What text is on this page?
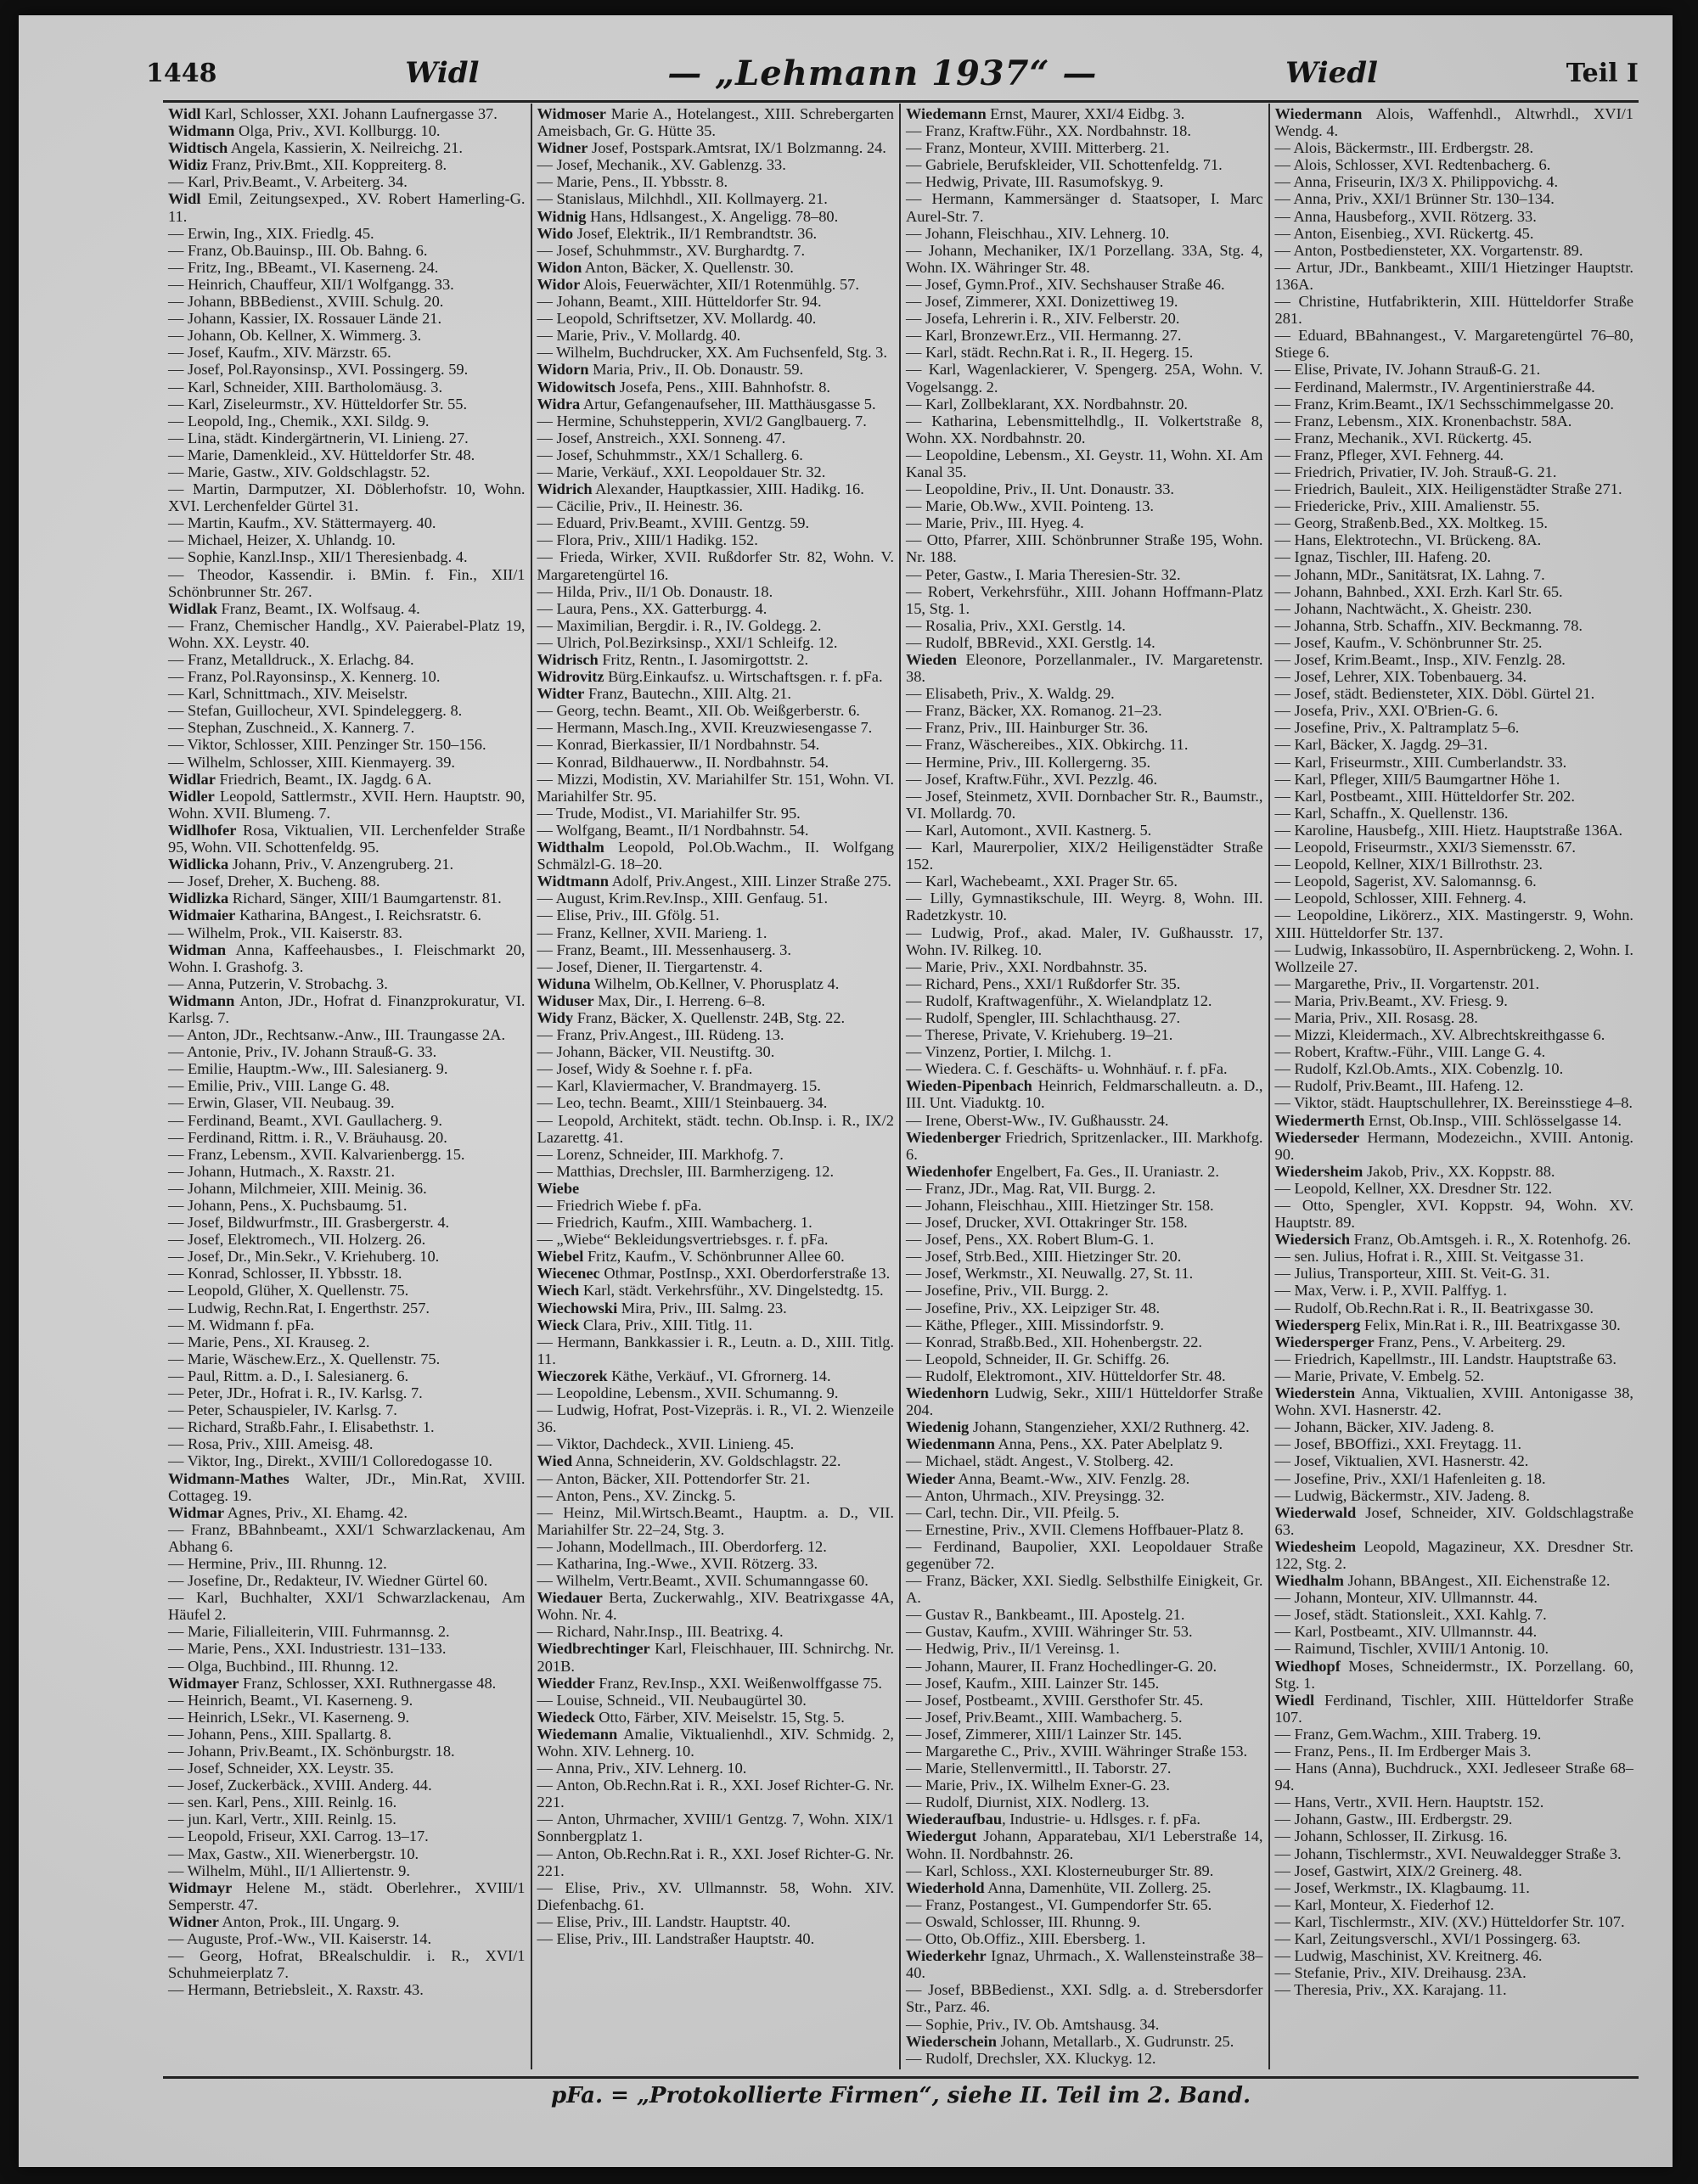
1448	Widl	— „Lehmann 1937“ —	Wiedl	Teil I
Widl Karl, Schlosser, XXI. Johann Laufnergasse 37.
Widmann Olga, Priv., XVI. Kollburgg. 10.
Widtisch Angela, Kassierin, X. Neilreichg. 21.
Widiz Franz, Priv.Bmt., XII. Koppreiterg. 8.
— Karl, Priv.Beamt., V. Arbeiterg. 34.
Widl Emil, Zeitungsexped., XV. Robert Hamerling-G. 11.
— Erwin, Ing., XIX. Friedlg. 45.
— Franz, Ob.Bauinsp., III. Ob. Bahng. 6.
— Fritz, Ing., BBeamt., VI. Kaserneng. 24.
— Heinrich, Chauffeur, XII/1 Wolfgangg. 33.
— Johann, BBBedienst., XVIII. Schulg. 20.
— Johann, Kassier, IX. Rossauer Lände 21.
— Johann, Ob. Kellner, X. Wimmerg. 3.
— Josef, Kaufm., XIV. Märzstr. 65.
— Josef, Pol.Rayonsinsp., XVI. Possingerg. 59.
— Karl, Schneider, XIII. Bartholomäusg. 3.
— Karl, Ziseleurmstr., XV. Hütteldorfer Str. 55.
— Leopold, Ing., Chemik., XXI. Sildg. 9.
— Lina, städt. Kindergärtnerin, VI. Linieng. 27.
— Marie, Damenkleid., XV. Hütteldorfer Str. 48.
— Marie, Gastw., XIV. Goldschlagstr. 52.
— Martin, Darmputzer, XI. Döblerhofstr. 10, Wohn. XVI. Lerchenfelder Gürtel 31.
— Martin, Kaufm., XV. Stättermayerg. 40.
— Michael, Heizer, X. Uhlandg. 10.
— Sophie, Kanzl.Insp., XII/1 Theresienbadg. 4.
— Theodor, Kassendir. i. BMin. f. Fin., XII/1 Schönbrunner Str. 267.
Widlak Franz, Beamt., IX. Wolfsaug. 4.
— Franz, Chemischer Handlg., XV. Paierabel-Platz 19, Wohn. XX. Leystr. 40.
— Franz, Metalldruck., X. Erlachg. 84.
— Franz, Pol.Rayonsinsp., X. Kennerg. 10.
— Karl, Schnittmach., XIV. Meiselstr.
— Stefan, Guillocheur, XVI. Spindeleggerg. 8.
— Stephan, Zuschneid., X. Kannerg. 7.
— Viktor, Schlosser, XIII. Penzinger Str. 150–156.
— Wilhelm, Schlosser, XIII. Kienmayerg. 39.
Widlar Friedrich, Beamt., IX. Jagdg. 6 A.
Widler Leopold, Sattlermstr., XVII. Hern. Hauptstr. 90, Wohn. XVII. Blumeng. 7.
Widlhofer Rosa, Viktualien, VII. Lerchenfelder Straße 95, Wohn. VII. Schottenfeldg. 95.
Widlicka Johann, Priv., V. Anzengruberg. 21.
— Josef, Dreher, X. Bucheng. 88.
Widlizka Richard, Sänger, XIII/1 Baumgartenstr. 81.
Widmaier Katharina, BAngest., I. Reichsratstr. 6.
— Wilhelm, Prok., VII. Kaiserstr. 83.
Widman Anna, Kaffeehausbes., I. Fleischmarkt 20, Wohn. I. Grashofg. 3.
— Anna, Putzerin, V. Strobachg. 3.
Widmann Anton, JDr., Hofrat d. Finanzprokuratur, VI. Karlsg. 7.
— Anton, JDr., Rechtsanw.-Anw., III. Traungasse 2A.
— Antonie, Priv., IV. Johann Strauß-G. 33.
— Emilie, Hauptm.-Ww., III. Salesianerg. 9.
— Emilie, Priv., VIII. Lange G. 48.
— Erwin, Glaser, VII. Neubaug. 39.
— Ferdinand, Beamt., XVI. Gaullacherg. 9.
— Ferdinand, Rittm. i. R., V. Bräuhausg. 20.
— Franz, Lebensm., XVII. Kalvarienbergg. 15.
— Johann, Hutmach., X. Raxstr. 21.
— Johann, Milchmeier, XIII. Meinig. 36.
— Johann, Pens., X. Puchsbaumg. 51.
— Josef, Bildwurfmstr., III. Grasbergerstr. 4.
— Josef, Elektromech., VII. Holzerg. 26.
— Josef, Dr., Min.Sekr., V. Kriehuberg. 10.
— Konrad, Schlosser, II. Ybbsstr. 18.
— Leopold, Glüher, X. Quellenstr. 75.
— Ludwig, Rechn.Rat, I. Engerthstr. 257.
— M. Widmann f. pFa.
— Marie, Pens., XI. Krauseg. 2.
— Marie, Wäschew.Erz., X. Quellenstr. 75.
— Paul, Rittm. a. D., I. Salesianerg. 6.
— Peter, JDr., Hofrat i. R., IV. Karlsg. 7.
— Peter, Schauspieler, IV. Karlsg. 7.
— Richard, Straßb.Fahr., I. Elisabethstr. 1.
— Rosa, Priv., XIII. Ameisg. 48.
— Viktor, Ing., Direkt., XVIII/1 Colloredogasse 10.
Widmann-Mathes Walter, JDr., Min.Rat, XVIII. Cottageg. 19.
Widmar Agnes, Priv., XI. Ehamg. 42.
— Franz, BBahnbeamt., XXI/1 Schwarzlackenau, Am Abhang 6.
— Hermine, Priv., III. Rhunng. 12.
— Josefine, Dr., Redakteur, IV. Wiedner Gürtel 60.
— Karl, Buchhalter, XXI/1 Schwarzlackenau, Am Häufel 2.
— Marie, Filialleiterin, VIII. Fuhrmannsg. 2.
— Marie, Pens., XXI. Industriestr. 131–133.
— Olga, Buchbind., III. Rhunng. 12.
Widmayer Franz, Schlosser, XXI. Ruthnergasse 48.
— Heinrich, Beamt., VI. Kaserneng. 9.
— Heinrich, LSekr., VI. Kaserneng. 9.
— Johann, Pens., XIII. Spallartg. 8.
— Johann, Priv.Beamt., IX. Schönburgstr. 18.
— Josef, Schneider, XX. Leystr. 35.
— Josef, Zuckerbäck., XVIII. Anderg. 44.
— sen. Karl, Pens., XIII. Reinlg. 16.
— jun. Karl, Vertr., XIII. Reinlg. 15.
— Leopold, Friseur, XXI. Carrog. 13–17.
— Max, Gastw., XII. Wienerbergstr. 10.
— Wilhelm, Mühl., II/1 Alliertenstr. 9.
Widmayr Helene M., städt. Oberlehrer., XVIII/1 Semperstr. 47.
Widner Anton, Prok., III. Ungarg. 9.
— Auguste, Prof.-Ww., VII. Kaiserstr. 14.
— Georg, Hofrat, BRealschuldir. i. R., XVI/1 Schuhmeierplatz 7.
— Hermann, Betriebsleit., X. Raxstr. 43.
Widmoser Marie A., Hotelangest., XIII. Schrebergarten Ameisbach, Gr. G. Hütte 35.
Widner Josef, Postspark.Amtsrat, IX/1 Bolzmanng. 24.
— Josef, Mechanik., XV. Gablenzg. 33.
— Marie, Pens., II. Ybbsstr. 8.
— Stanislaus, Milchhdl., XII. Kollmayerg. 21.
Widnig Hans, Hdlsangest., X. Angeligg. 78–80.
Wido Josef, Elektrik., II/1 Rembrandtstr. 36.
— Josef, Schuhmmstr., XV. Burghardtg. 7.
Widon Anton, Bäcker, X. Quellenstr. 30.
Widor Alois, Feuerwächter, XII/1 Rotenmühlg. 57.
— Johann, Beamt., XIII. Hütteldorfer Str. 94.
— Leopold, Schriftsetzer, XV. Mollardg. 40.
— Marie, Priv., V. Mollardg. 40.
— Wilhelm, Buchdrucker, XX. Am Fuchsenfeld, Stg. 3.
Widorn Maria, Priv., II. Ob. Donaustr. 59.
Widowitsch Josefa, Pens., XIII. Bahnhofstr. 8.
Widra Artur, Gefangenaufseher, III. Matthäusgasse 5.
— Hermine, Schuhstepperin, XVI/2 Ganglbauerg. 7.
— Josef, Anstreich., XXI. Sonneng. 47.
— Josef, Schuhmmstr., XX/1 Schallerg. 6.
— Marie, Verkäuf., XXI. Leopoldauer Str. 32.
Widrich Alexander, Hauptkassier, XIII. Hadikg. 16.
— Cäcilie, Priv., II. Heinestr. 36.
— Eduard, Priv.Beamt., XVIII. Gentzg. 59.
— Flora, Priv., XIII/1 Hadikg. 152.
— Frieda, Wirker, XVII. Rußdorfer Str. 82, Wohn. V. Margaretengürtel 16.
— Hilda, Priv., II/1 Ob. Donaustr. 18.
— Laura, Pens., XX. Gatterburgg. 4.
— Maximilian, Bergdir. i. R., IV. Goldegg. 2.
— Ulrich, Pol.Bezirksinsp., XXI/1 Schleifg. 12.
Widrisch Fritz, Rentn., I. Jasomirgottstr. 2.
Widrovitz Bürg.Einkaufsz. u. Wirtschaftsgen. r. f. pFa.
Widter Franz, Bautechn., XIII. Altg. 21.
— Georg, techn. Beamt., XII. Ob. Weißgerberstr. 6.
— Hermann, Masch.Ing., XVII. Kreuzwiesengasse 7.
— Konrad, Bierkassier, II/1 Nordbahnstr. 54.
— Konrad, Bildhauerww., II. Nordbahnstr. 54.
— Mizzi, Modistin, XV. Mariahilfer Str. 151, Wohn. VI. Mariahilfer Str. 95.
— Trude, Modist., VI. Mariahilfer Str. 95.
— Wolfgang, Beamt., II/1 Nordbahnstr. 54.
Widthalm Leopold, Pol.Ob.Wachm., II. Wolfgang Schmälzl-G. 18–20.
Widtmann Adolf, Priv.Angest., XIII. Linzer Straße 275.
— August, Krim.Rev.Insp., XIII. Genfaug. 51.
— Elise, Priv., III. Gfölg. 51.
— Franz, Kellner, XVII. Marieng. 1.
— Franz, Beamt., III. Messenhauserg. 3.
— Josef, Diener, II. Tiergartenstr. 4.
Widuna Wilhelm, Ob.Kellner, V. Phorusplatz 4.
Widuser Max, Dir., I. Herreng. 6–8.
Widy Franz, Bäcker, X. Quellenstr. 24B, Stg. 22.
— Franz, Priv.Angest., III. Rüdeng. 13.
— Johann, Bäcker, VII. Neustiftg. 30.
— Josef, Widy & Soehne r. f. pFa.
— Karl, Klaviermacher, V. Brandmayerg. 15.
— Leo, techn. Beamt., XIII/1 Steinbauerg. 34.
— Leopold, Architekt, städt. techn. Ob.Insp. i. R., IX/2 Lazarettg. 41.
— Lorenz, Schneider, III. Markhofg. 7.
— Matthias, Drechsler, III. Barmherzigeng. 12.
Wiebe
— Friedrich Wiebe f. pFa.
— Friedrich, Kaufm., XIII. Wambacherg. 1.
— „Wiebe“ Bekleidungsvertriebsges. r. f. pFa.
Wiebel Fritz, Kaufm., V. Schönbrunner Allee 60.
Wiecenec Othmar, PostInsp., XXI. Oberdorferstraße 13.
Wiech Karl, städt. Verkehrsführ., XV. Dingelstedtg. 15.
Wiechowski Mira, Priv., III. Salmg. 23.
Wieck Clara, Priv., XIII. Titlg. 11.
— Hermann, Bankkassier i. R., Leutn. a. D., XIII. Titlg. 11.
Wieczorek Käthe, Verkäuf., VI. Gfrornerg. 14.
— Leopoldine, Lebensm., XVII. Schumanng. 9.
— Ludwig, Hofrat, Post-Vizepräs. i. R., VI. 2. Wienzeile 36.
— Viktor, Dachdeck., XVII. Linieng. 45.
Wied Anna, Schneiderin, XV. Goldschlagstr. 22.
— Anton, Bäcker, XII. Pottendorfer Str. 21.
— Anton, Pens., XV. Zinckg. 5.
— Heinz, Mil.Wirtsch.Beamt., Hauptm. a. D., VII. Mariahilfer Str. 22–24, Stg. 3.
— Johann, Modellmach., III. Oberdorferg. 12.
— Katharina, Ing.-Wwe., XVII. Rötzerg. 33.
— Wilhelm, Vertr.Beamt., XVII. Schumanngasse 60.
Wiedauer Berta, Zuckerwahlg., XIV. Beatrixgasse 4A, Wohn. Nr. 4.
— Richard, Nahr.Insp., III. Beatrixg. 4.
Wiedbrechtinger Karl, Fleischhauer, III. Schnirchg. Nr. 201B.
Wiedder Franz, Rev.Insp., XXI. Weißenwolffgasse 75.
— Louise, Schneid., VII. Neubaugürtel 30.
Wiedeck Otto, Färber, XIV. Meiselstr. 15, Stg. 5.
Wiedemann Amalie, Viktualienhdl., XIV. Schmidg. 2, Wohn. XIV. Lehnerg. 10.
— Anna, Priv., XIV. Lehnerg. 10.
— Anton, Ob.Rechn.Rat i. R., XXI. Josef Richter-G. Nr. 221.
— Anton, Uhrmacher, XVIII/1 Gentzg. 7, Wohn. XIX/1 Sonnbergplatz 1.
— Anton, Ob.Rechn.Rat i. R., XXI. Josef Richter-G. Nr. 221.
— Elise, Priv., XV. Ullmannstr. 58, Wohn. XIV. Diefenbachg. 61.
— Elise, Priv., III. Landstr. Hauptstr. 40.
— Elise, Priv., III. Landstraßer Hauptstr. 40.
Wiedemann Ernst, Maurer, XXI/4 Eidbg. 3.
— Franz, Kraftw.Führ., XX. Nordbahnstr. 18.
— Franz, Monteur, XVIII. Mitterberg. 21.
— Gabriele, Berufskleider, VII. Schottenfeldg. 71.
— Hedwig, Private, III. Rasumofskyg. 9.
— Hermann, Kammersänger d. Staatsoper, I. Marc Aurel-Str. 7.
— Johann, Fleischhau., XIV. Lehnerg. 10.
— Johann, Mechaniker, IX/1 Porzellang. 33A, Stg. 4, Wohn. IX. Währinger Str. 48.
— Josef, Gymn.Prof., XIV. Sechshauser Straße 46.
— Josef, Zimmerer, XXI. Donizettiweg 19.
— Josefa, Lehrerin i. R., XIV. Felberstr. 20.
— Karl, Bronzewr.Erz., VII. Hermanng. 27.
— Karl, städt. Rechn.Rat i. R., II. Hegerg. 15.
— Karl, Wagenlackierer, V. Spengerg. 25A, Wohn. V. Vogelsangg. 2.
— Karl, Zollbeklarant, XX. Nordbahnstr. 20.
— Katharina, Lebensmittelhdlg., II. Volkertstraße 8, Wohn. XX. Nordbahnstr. 20.
— Leopoldine, Lebensm., XI. Geystr. 11, Wohn. XI. Am Kanal 35.
— Leopoldine, Priv., II. Unt. Donaustr. 33.
— Marie, Ob.Ww., XVII. Pointeng. 13.
— Marie, Priv., III. Hyeg. 4.
— Otto, Pfarrer, XIII. Schönbrunner Straße 195, Wohn. Nr. 188.
— Peter, Gastw., I. Maria Theresien-Str. 32.
— Robert, Verkehrsführ., XIII. Johann Hoffmann-Platz 15, Stg. 1.
— Rosalia, Priv., XXI. Gerstlg. 14.
— Rudolf, BBRevid., XXI. Gerstlg. 14.
Wieden Eleonore, Porzellanmaler., IV. Margaretenstr. 38.
— Elisabeth, Priv., X. Waldg. 29.
— Franz, Bäcker, XX. Romanog. 21–23.
— Franz, Priv., III. Hainburger Str. 36.
— Franz, Wäschereibes., XIX. Obkirchg. 11.
— Hermine, Priv., III. Kollergerng. 35.
— Josef, Kraftw.Führ., XVI. Pezzlg. 46.
— Josef, Steinmetz, XVII. Dornbacher Str. R., Baumstr., VI. Mollardg. 70.
— Karl, Automont., XVII. Kastnerg. 5.
— Karl, Maurerpolier, XIX/2 Heiligenstädter Straße 152.
— Karl, Wachebeamt., XXI. Prager Str. 65.
— Lilly, Gymnastikschule, III. Weyrg. 8, Wohn. III. Radetzkystr. 10.
— Ludwig, Prof., akad. Maler, IV. Gußhausstr. 17, Wohn. IV. Rilkeg. 10.
— Marie, Priv., XXI. Nordbahnstr. 35.
— Richard, Pens., XXI/1 Rußdorfer Str. 35.
— Rudolf, Kraftwagenführ., X. Wielandplatz 12.
— Rudolf, Spengler, III. Schlachthausg. 27.
— Therese, Private, V. Kriehuberg. 19–21.
— Vinzenz, Portier, I. Milchg. 1.
— Wiedera. C. f. Geschäfts- u. Wohnhäuf. r. f. pFa.
Wieden-Pipenbach Heinrich, Feldmarschalleutn. a. D., III. Unt. Viaduktg. 10.
— Irene, Oberst-Ww., IV. Gußhausstr. 24.
Wiedenberger Friedrich, Spritzenlacker., III. Markhofg. 6.
Wiedenhofer Engelbert, Fa. Ges., II. Uraniastr. 2.
— Franz, JDr., Mag. Rat, VII. Burgg. 2.
— Johann, Fleischhau., XIII. Hietzinger Str. 158.
— Josef, Drucker, XVI. Ottakringer Str. 158.
— Josef, Pens., XX. Robert Blum-G. 1.
— Josef, Strb.Bed., XIII. Hietzinger Str. 20.
— Josef, Werkmstr., XI. Neuwallg. 27, St. 11.
— Josefine, Priv., VII. Burgg. 2.
— Josefine, Priv., XX. Leipziger Str. 48.
— Käthe, Pfleger., XIII. Missindorfstr. 9.
— Konrad, Straßb.Bed., XII. Hohenbergstr. 22.
— Leopold, Schneider, II. Gr. Schiffg. 26.
— Rudolf, Elektromont., XIV. Hütteldorfer Str. 48.
Wiedenhorn Ludwig, Sekr., XIII/1 Hütteldorfer Straße 204.
Wiedenig Johann, Stangenzieher, XXI/2 Ruthnerg. 42.
Wiedenmann Anna, Pens., XX. Pater Abelplatz 9.
— Michael, städt. Angest., V. Stolberg. 42.
Wieder Anna, Beamt.-Ww., XIV. Fenzlg. 28.
— Anton, Uhrmach., XIV. Preysingg. 32.
— Carl, techn. Dir., VII. Pfeilg. 5.
— Ernestine, Priv., XVII. Clemens Hoffbauer-Platz 8.
— Ferdinand, Baupolier, XXI. Leopoldauer Straße gegenüber 72.
— Franz, Bäcker, XXI. Siedlg. Selbsthilfe Einigkeit, Gr. A.
— Gustav R., Bankbeamt., III. Apostelg. 21.
— Gustav, Kaufm., XVIII. Währinger Str. 53.
— Hedwig, Priv., II/1 Vereinsg. 1.
— Johann, Maurer, II. Franz Hochedlinger-G. 20.
— Josef, Kaufm., XIII. Lainzer Str. 145.
— Josef, Postbeamt., XVIII. Gersthofer Str. 45.
— Josef, Priv.Beamt., XIII. Wambacherg. 5.
— Josef, Zimmerer, XIII/1 Lainzer Str. 145.
— Margarethe C., Priv., XVIII. Währinger Straße 153.
— Marie, Stellenvermittl., II. Taborstr. 27.
— Marie, Priv., IX. Wilhelm Exner-G. 23.
— Rudolf, Diurnist, XIX. Nodlerg. 13.
Wiederaufbau, Industrie- u. Hdlsges. r. f. pFa.
Wiedergut Johann, Apparatebau, XI/1 Leberstraße 14, Wohn. II. Nordbahnstr. 26.
— Karl, Schloss., XXI. Klosterneuburger Str. 89.
Wiederhold Anna, Damenhüte, VII. Zollerg. 25.
— Franz, Postangest., VI. Gumpendorfer Str. 65.
— Oswald, Schlosser, III. Rhunng. 9.
— Otto, Ob.Offiz., XIII. Ebersberg. 1.
Wiederkehr Ignaz, Uhrmach., X. Wallensteinstraße 38–40.
— Josef, BBBedienst., XXI. Sdlg. a. d. Strebersdorfer Str., Parz. 46.
— Sophie, Priv., IV. Ob. Amtshausg. 34.
Wiederschein Johann, Metallarb., X. Gudrunstr. 25.
— Rudolf, Drechsler, XX. Kluckyg. 12.
Wiedermann Alois, Waffenhdl., Altwrhdl., XVI/1 Wendg. 4.
— Alois, Bäckermstr., III. Erdbergstr. 28.
— Alois, Schlosser, XVI. Redtenbacherg. 6.
— Anna, Friseurin, IX/3 X. Philippovichg. 4.
— Anna, Priv., XXI/1 Brünner Str. 130–134.
— Anna, Hausbeforg., XVII. Rötzerg. 33.
— Anton, Eisenbieg., XVI. Rückertg. 45.
— Anton, Postbediensteter, XX. Vorgartenstr. 89.
— Artur, JDr., Bankbeamt., XIII/1 Hietzinger Hauptstr. 136A.
— Christine, Hutfabrikterin, XIII. Hütteldorfer Straße 281.
— Eduard, BBahnangest., V. Margaretengürtel 76–80, Stiege 6.
— Elise, Private, IV. Johann Strauß-G. 21.
— Ferdinand, Malermstr., IV. Argentinierstraße 44.
— Franz, Krim.Beamt., IX/1 Sechsschimmelgasse 20.
— Franz, Lebensm., XIX. Kronenbachstr. 58A.
— Franz, Mechanik., XVI. Rückertg. 45.
— Franz, Pfleger, XVI. Fehnerg. 44.
— Friedrich, Privatier, IV. Joh. Strauß-G. 21.
— Friedrich, Bauleit., XIX. Heiligenstädter Straße 271.
— Friedericke, Priv., XIII. Amalienstr. 55.
— Georg, Straßenb.Bed., XX. Moltkeg. 15.
— Hans, Elektrotechn., VI. Brückeng. 8A.
— Ignaz, Tischler, III. Hafeng. 20.
— Johann, MDr., Sanitätsrat, IX. Lahng. 7.
— Johann, Bahnbed., XXI. Erzh. Karl Str. 65.
— Johann, Nachtwächt., X. Gheistr. 230.
— Johanna, Strb. Schaffn., XIV. Beckmanng. 78.
— Josef, Kaufm., V. Schönbrunner Str. 25.
— Josef, Krim.Beamt., Insp., XIV. Fenzlg. 28.
— Josef, Lehrer, XIX. Tobenbauerg. 34.
— Josef, städt. Bediensteter, XIX. Döbl. Gürtel 21.
— Josefa, Priv., XXI. O'Brien-G. 6.
— Josefine, Priv., X. Paltramplatz 5–6.
— Karl, Bäcker, X. Jagdg. 29–31.
— Karl, Friseurmstr., XIII. Cumberlandstr. 33.
— Karl, Pfleger, XIII/5 Baumgartner Höhe 1.
— Karl, Postbeamt., XIII. Hütteldorfer Str. 202.
— Karl, Schaffn., X. Quellenstr. 136.
— Karoline, Hausbefg., XIII. Hietz. Hauptstraße 136A.
— Leopold, Friseurmstr., XXI/3 Siemensstr. 67.
— Leopold, Kellner, XIX/1 Billrothstr. 23.
— Leopold, Sagerist, XV. Salomannsg. 6.
— Leopold, Schlosser, XIII. Fehnerg. 4.
— Leopoldine, Likörerz., XIX. Mastingerstr. 9, Wohn. XIII. Hütteldorfer Str. 137.
— Ludwig, Inkassobüro, II. Aspernbrückeng. 2, Wohn. I. Wollzeile 27.
— Margarethe, Priv., II. Vorgartenstr. 201.
— Maria, Priv.Beamt., XV. Friesg. 9.
— Maria, Priv., XII. Rosasg. 28.
— Mizzi, Kleidermach., XV. Albrechtskreithgasse 6.
— Robert, Kraftw.-Führ., VIII. Lange G. 4.
— Rudolf, Kzl.Ob.Amts., XIX. Cobenzlg. 10.
— Rudolf, Priv.Beamt., III. Hafeng. 12.
— Viktor, städt. Hauptschullehrer, IX. Bereinsstiege 4–8.
Wiedermerth Ernst, Ob.Insp., VIII. Schlösselgasse 14.
Wiederseder Hermann, Modezeichn., XVIII. Antonig. 90.
Wiedersheim Jakob, Priv., XX. Koppstr. 88.
— Leopold, Kellner, XX. Dresdner Str. 122.
— Otto, Spengler, XVI. Koppstr. 94, Wohn. XV. Hauptstr. 89.
Wiedersich Franz, Ob.Amtsgeh. i. R., X. Rotenhofg. 26.
— sen. Julius, Hofrat i. R., XIII. St. Veitgasse 31.
— Julius, Transporteur, XIII. St. Veit-G. 31.
— Max, Verw. i. P., XVII. Palffyg. 1.
— Rudolf, Ob.Rechn.Rat i. R., II. Beatrixgasse 30.
Wiedersperg Felix, Min.Rat i. R., III. Beatrixgasse 30.
Wiedersperger Franz, Pens., V. Arbeiterg. 29.
— Friedrich, Kapellmstr., III. Landstr. Hauptstraße 63.
— Marie, Private, V. Embelg. 52.
Wiederstein Anna, Viktualien, XVIII. Antonigasse 38, Wohn. XVI. Hasnerstr. 42.
— Johann, Bäcker, XIV. Jadeng. 8.
— Josef, BBOffizi., XXI. Freytagg. 11.
— Josef, Viktualien, XVI. Hasnerstr. 42.
— Josefine, Priv., XXI/1 Hafenleiten g. 18.
— Ludwig, Bäckermstr., XIV. Jadeng. 8.
Wiederwald Josef, Schneider, XIV. Goldschlagstraße 63.
Wiedesheim Leopold, Magazineur, XX. Dresdner Str. 122, Stg. 2.
Wiedhalm Johann, BBAngest., XII. Eichenstraße 12.
— Johann, Monteur, XIV. Ullmannstr. 44.
— Josef, städt. Stationsleit., XXI. Kahlg. 7.
— Karl, Postbeamt., XIV. Ullmannstr. 44.
— Raimund, Tischler, XVIII/1 Antonig. 10.
Wiedhopf Moses, Schneidermstr., IX. Porzellang. 60, Stg. 1.
Wiedl Ferdinand, Tischler, XIII. Hütteldorfer Straße 107.
— Franz, Gem.Wachm., XIII. Traberg. 19.
— Franz, Pens., II. Im Erdberger Mais 3.
— Hans (Anna), Buchdruck., XXI. Jedleseer Straße 68–94.
— Hans, Vertr., XVII. Hern. Hauptstr. 152.
— Johann, Gastw., III. Erdbergstr. 29.
— Johann, Schlosser, II. Zirkusg. 16.
— Johann, Tischlermstr., XVI. Neuwaldegger Straße 3.
— Josef, Gastwirt, XIX/2 Greinerg. 48.
— Josef, Werkmstr., IX. Klagbaumg. 11.
— Karl, Monteur, X. Fiederhof 12.
— Karl, Tischlermstr., XIV. (XV.) Hütteldorfer Str. 107.
— Karl, Zeitungsverschl., XVI/1 Possingerg. 63.
— Ludwig, Maschinist, XV. Kreitnerg. 46.
— Stefanie, Priv., XIV. Dreihausg. 23A.
— Theresia, Priv., XX. Karajang. 11.
pFa. = „Protokollierte Firmen“, siehe II. Teil im 2. Band.
